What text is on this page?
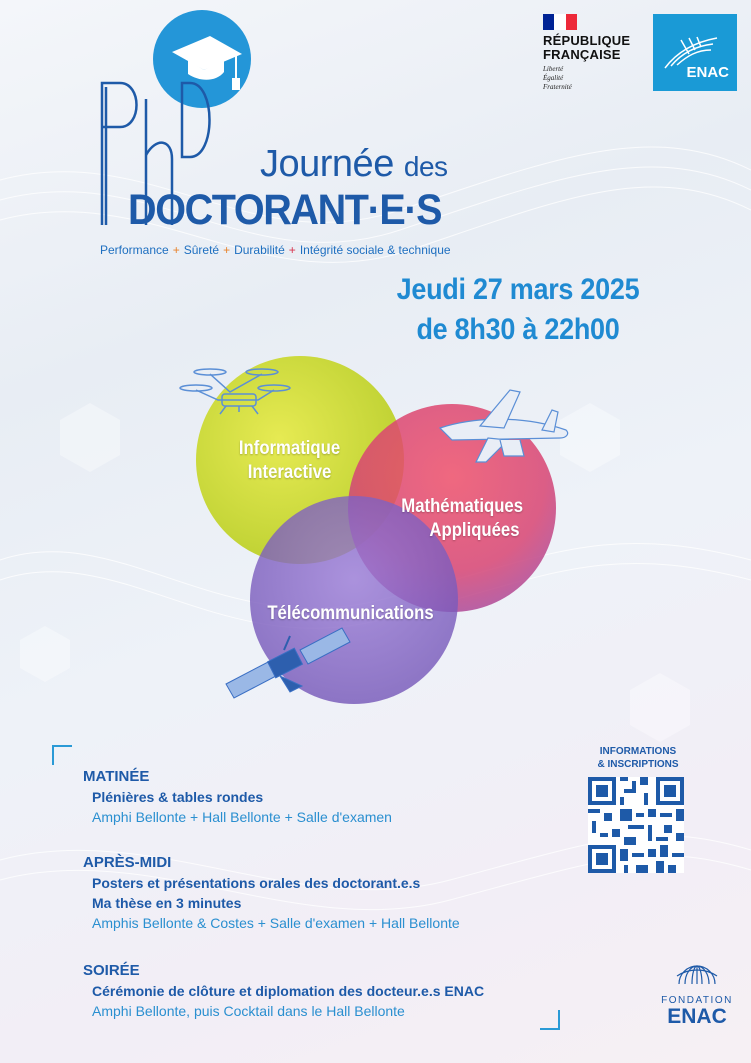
RÉPUBLIQUE
FRANÇAISE
Liberté
Égalité
Fraternité
ENAC
Journée des
DOCTORANT·E·S
Performance + Sûreté + Durabilité + Intégrité sociale & technique
Jeudi 27 mars 2025
de 8h30 à 22h00
Informatique
Interactive
Mathématiques
Appliquées
Télécommunications
MATINÉE
Plénières & tables rondes
Amphi Bellonte + Hall Bellonte + Salle d'examen
APRÈS-MIDI
Posters et présentations orales des doctorant.e.s
Ma thèse en 3 minutes
Amphis Bellonte & Costes + Salle d'examen + Hall Bellonte
SOIRÉE
Cérémonie de clôture et diplomation des docteur.e.s ENAC
Amphi Bellonte, puis Cocktail dans le Hall Bellonte
INFORMATIONS
& INSCRIPTIONS
FONDATION
ENAC
